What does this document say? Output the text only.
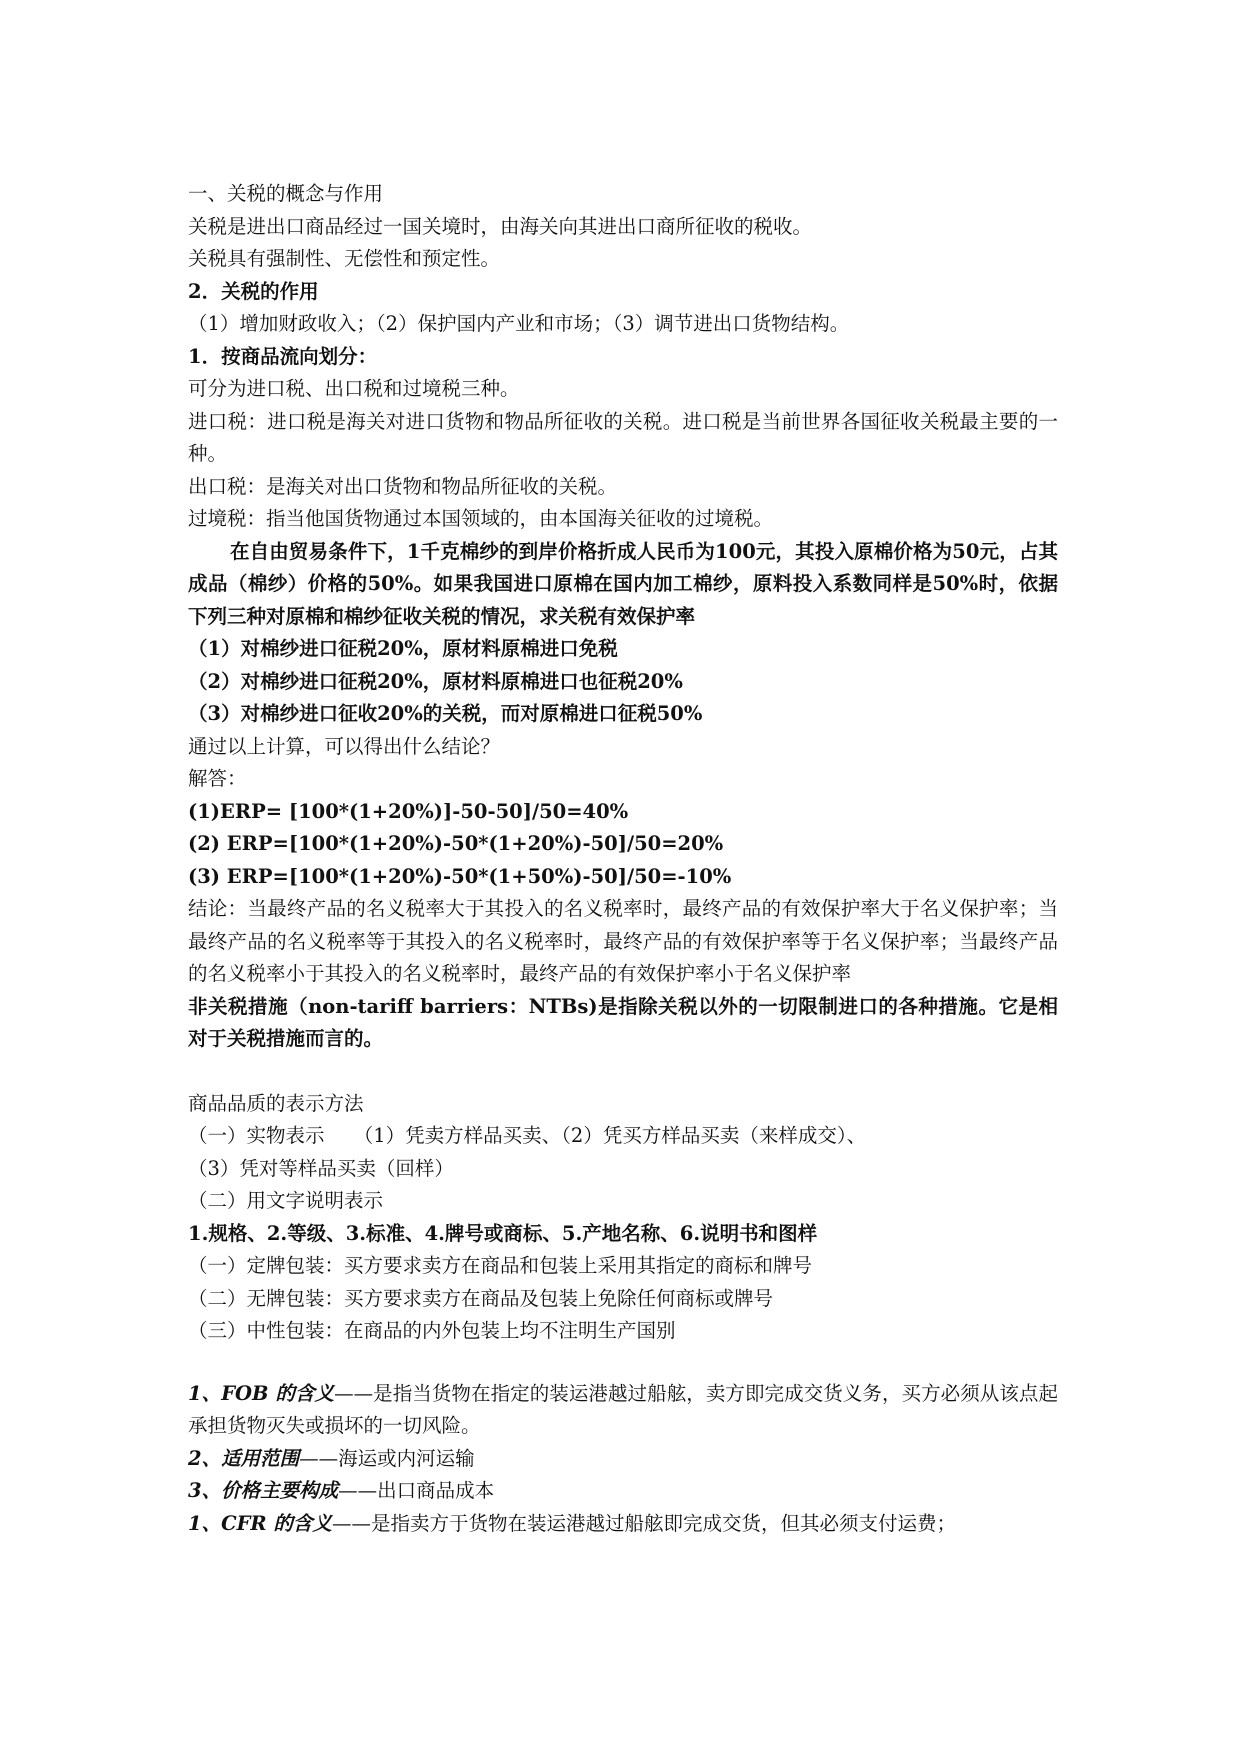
一、关税的概念与作用
关税是进出口商品经过一国关境时，由海关向其进出口商所征收的税收。
关税具有强制性、无偿性和预定性。
2．关税的作用
（1）增加财政收入；（2）保护国内产业和市场；（3）调节进出口货物结构。
1．按商品流向划分：
可分为进口税、出口税和过境税三种。
进口税：进口税是海关对进口货物和物品所征收的关税。进口税是当前世界各国征收关税最主要的一种。
出口税：是海关对出口货物和物品所征收的关税。
过境税：指当他国货物通过本国领域的，由本国海关征收的过境税。
在自由贸易条件下，1千克棉纱的到岸价格折成人民币为100元，其投入原棉价格为50元，占其成品（棉纱）价格的50%。如果我国进口原棉在国内加工棉纱，原料投入系数同样是50%时，依据下列三种对原棉和棉纱征收关税的情况，求关税有效保护率
（1）对棉纱进口征税20%，原材料原棉进口免税
（2）对棉纱进口征税20%，原材料原棉进口也征税20%
（3）对棉纱进口征收20%的关税，而对原棉进口征税50%
通过以上计算，可以得出什么结论？
解答：
(1)ERP= [100*(1+20%)]-50-50]/50=40%
(2) ERP=[100*(1+20%)-50*(1+20%)-50]/50=20%
(3) ERP=[100*(1+20%)-50*(1+50%)-50]/50=-10%
结论：当最终产品的名义税率大于其投入的名义税率时，最终产品的有效保护率大于名义保护率；当最终产品的名义税率等于其投入的名义税率时，最终产品的有效保护率等于名义保护率；当最终产品的名义税率小于其投入的名义税率时，最终产品的有效保护率小于名义保护率
非关税措施（non-tariff barriers：NTBs)是指除关税以外的一切限制进口的各种措施。它是相对于关税措施而言的。
商品品质的表示方法
（一）实物表示　　（1）凭卖方样品买卖、（2）凭买方样品买卖（来样成交）、
（3）凭对等样品买卖（回样）
（二）用文字说明表示
1.规格、2.等级、3.标准、4.牌号或商标、5.产地名称、6.说明书和图样
（一）定牌包装：买方要求卖方在商品和包装上采用其指定的商标和牌号
（二）无牌包装：买方要求卖方在商品及包装上免除任何商标或牌号
（三）中性包装：在商品的内外包装上均不注明生产国别
1、FOB 的含义——是指当货物在指定的装运港越过船舷，卖方即完成交货义务，买方必须从该点起承担货物灭失或损坏的一切风险。
2、适用范围——海运或内河运输
3、价格主要构成——出口商品成本
1、CFR 的含义——是指卖方于货物在装运港越过船舷即完成交货，但其必须支付运费；
